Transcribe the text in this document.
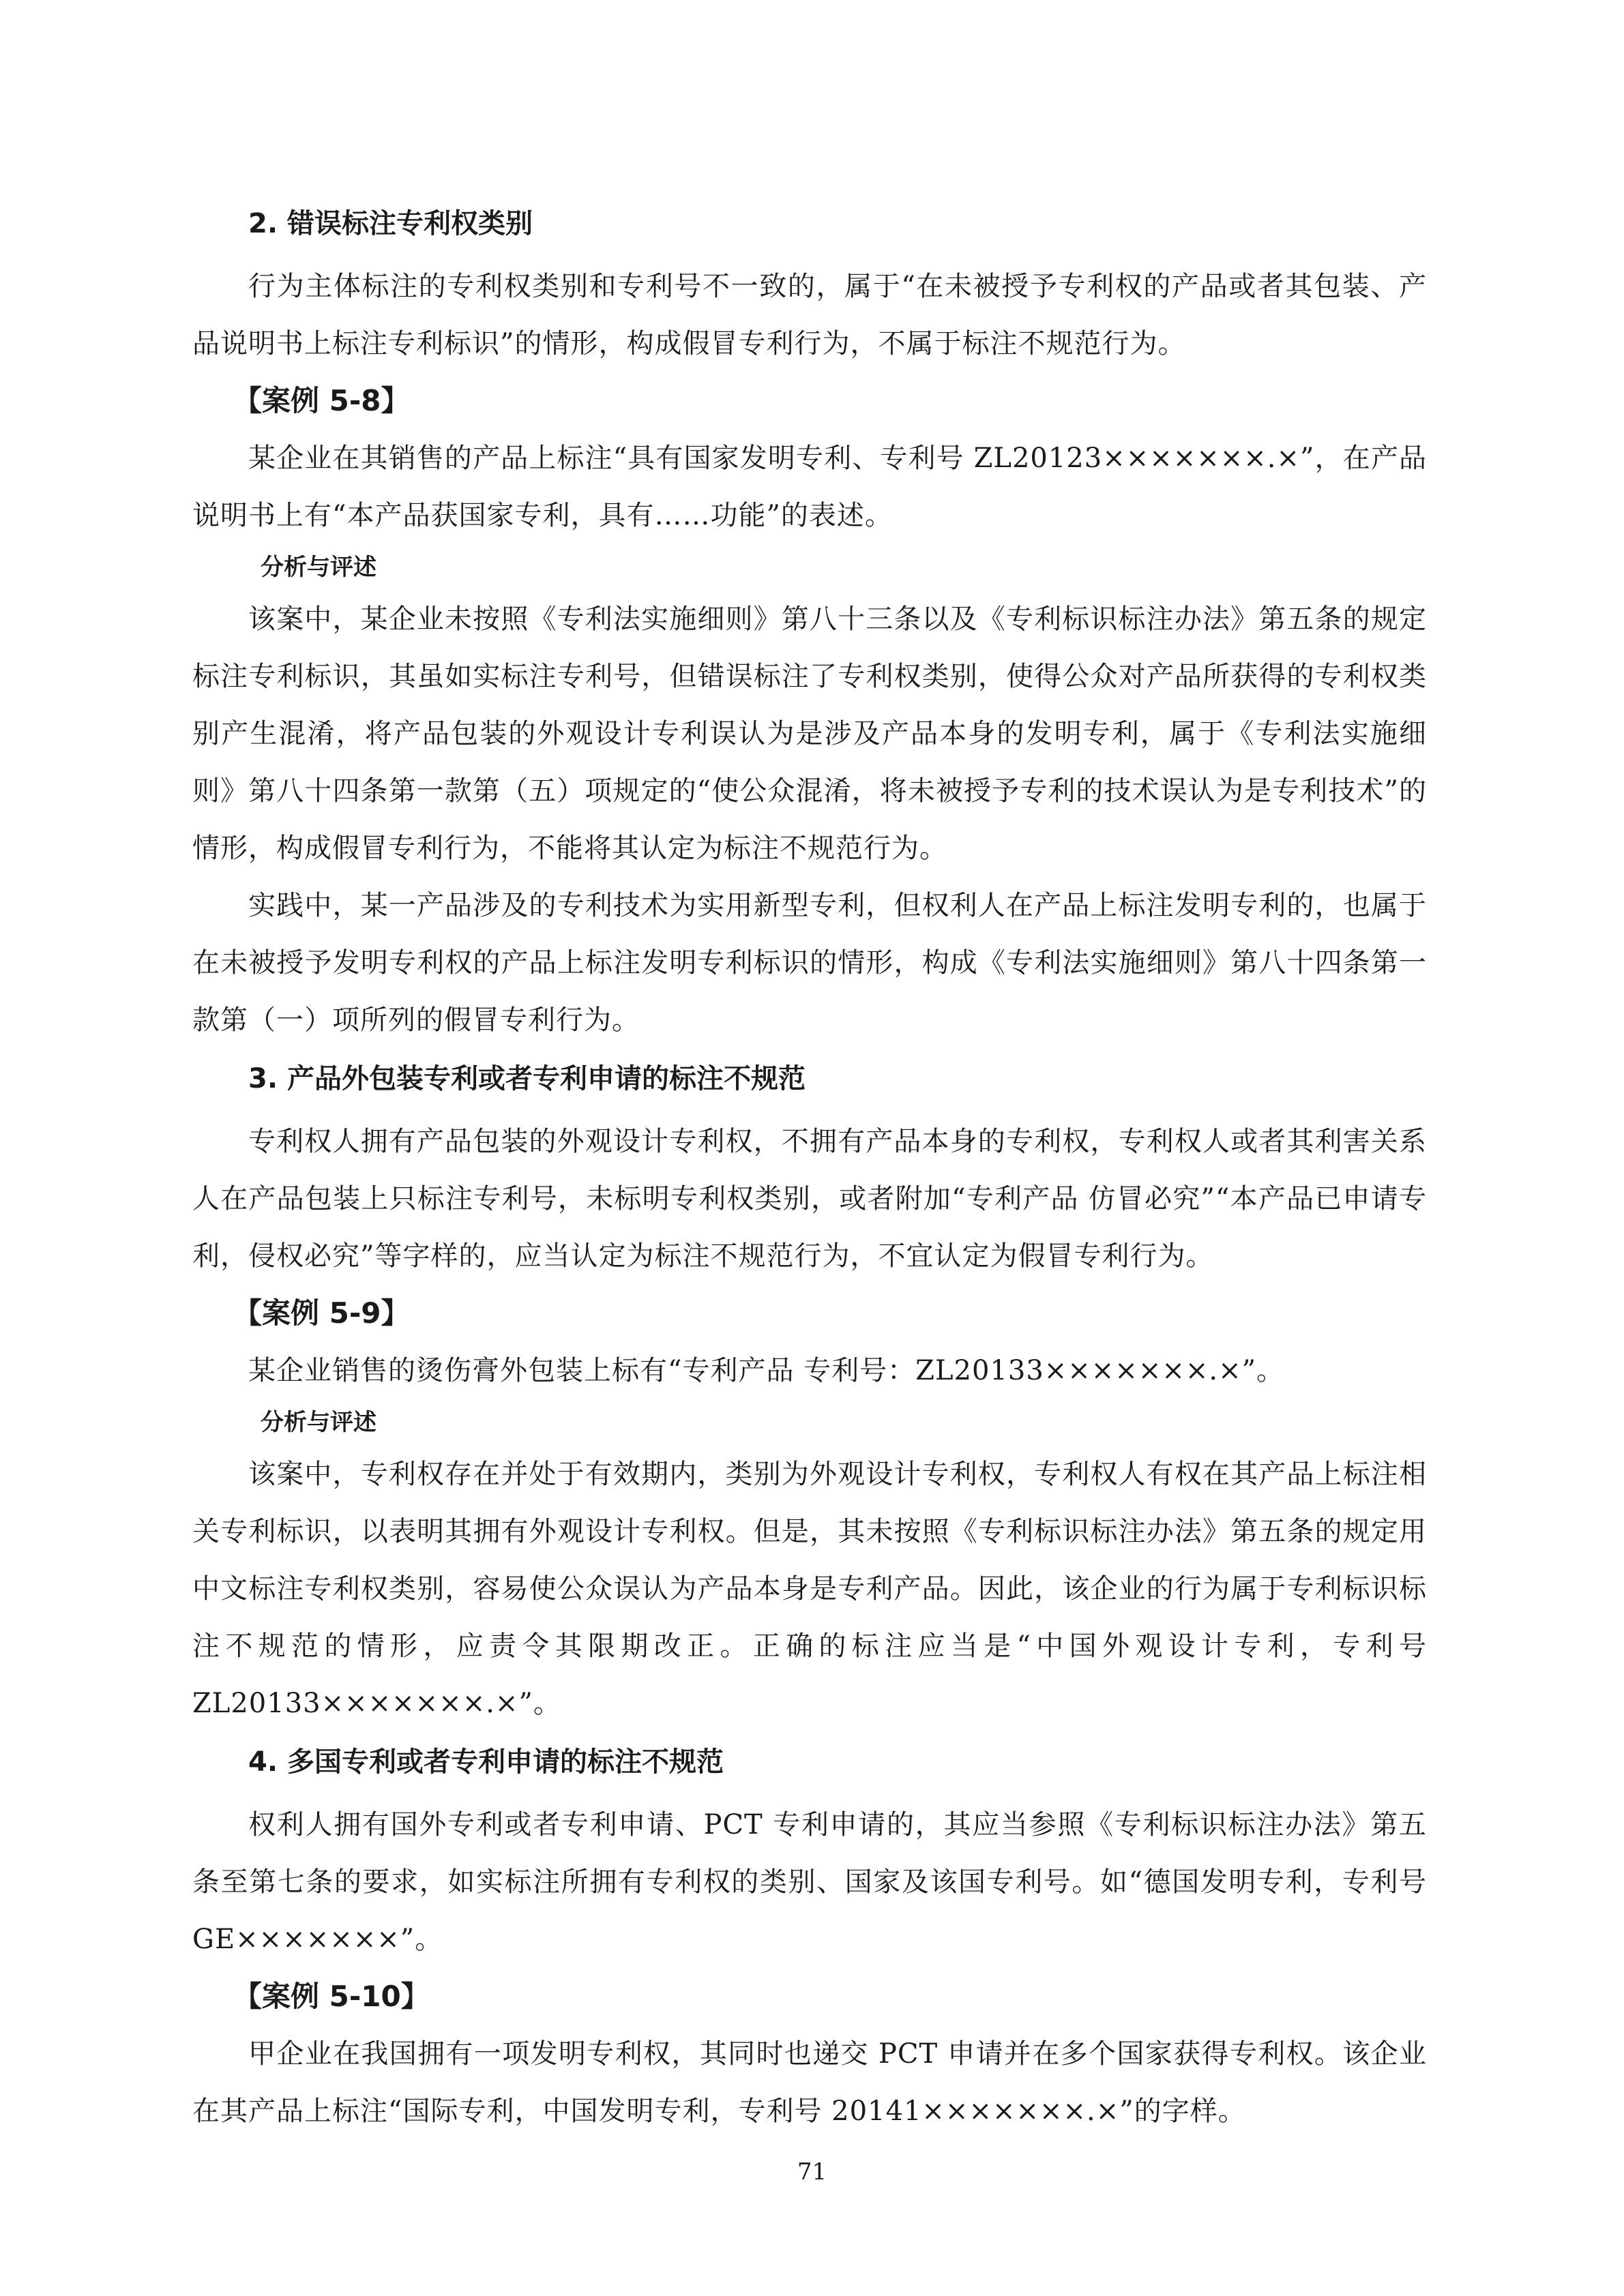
2. 错误标注专利权类别

行为主体标注的专利权类别和专利号不一致的，属于“在未被授予专利权的产品或者其包装、产品说明书上标注专利标识”的情形，构成假冒专利行为，不属于标注不规范行为。

【案例 5-8】

某企业在其销售的产品上标注“具有国家发明专利、专利号 ZL20123×××××××.×”，在产品说明书上有“本产品获国家专利，具有……功能”的表述。

分析与评述

该案中，某企业未按照《专利法实施细则》第八十三条以及《专利标识标注办法》第五条的规定标注专利标识，其虽如实标注专利号，但错误标注了专利权类别，使得公众对产品所获得的专利权类别产生混淆，将产品包装的外观设计专利误认为是涉及产品本身的发明专利，属于《专利法实施细则》第八十四条第一款第（五）项规定的“使公众混淆，将未被授予专利的技术误认为是专利技术”的情形，构成假冒专利行为，不能将其认定为标注不规范行为。

实践中，某一产品涉及的专利技术为实用新型专利，但权利人在产品上标注发明专利的，也属于在未被授予发明专利权的产品上标注发明专利标识的情形，构成《专利法实施细则》第八十四条第一款第（一）项所列的假冒专利行为。

3. 产品外包装专利或者专利申请的标注不规范

专利权人拥有产品包装的外观设计专利权，不拥有产品本身的专利权，专利权人或者其利害关系人在产品包装上只标注专利号，未标明专利权类别，或者附加“专利产品 仿冒必究”“本产品已申请专利，侵权必究”等字样的，应当认定为标注不规范行为，不宜认定为假冒专利行为。

【案例 5-9】

某企业销售的烫伤膏外包装上标有“专利产品 专利号：ZL20133×××××××.×”。

分析与评述

该案中，专利权存在并处于有效期内，类别为外观设计专利权，专利权人有权在其产品上标注相关专利标识，以表明其拥有外观设计专利权。但是，其未按照《专利标识标注办法》第五条的规定用中文标注专利权类别，容易使公众误认为产品本身是专利产品。因此，该企业的行为属于专利标识标注不规范的情形，应责令其限期改正。正确的标注应当是“中国外观设计专利，专利号ZL20133×××××××.×”。

4. 多国专利或者专利申请的标注不规范

权利人拥有国外专利或者专利申请、PCT 专利申请的，其应当参照《专利标识标注办法》第五条至第七条的要求，如实标注所拥有专利权的类别、国家及该国专利号。如“德国发明专利，专利号 GE×××××××”。

【案例 5-10】

甲企业在我国拥有一项发明专利权，其同时也递交 PCT 申请并在多个国家获得专利权。该企业在其产品上标注“国际专利，中国发明专利，专利号 20141×××××××.×”的字样。

71
